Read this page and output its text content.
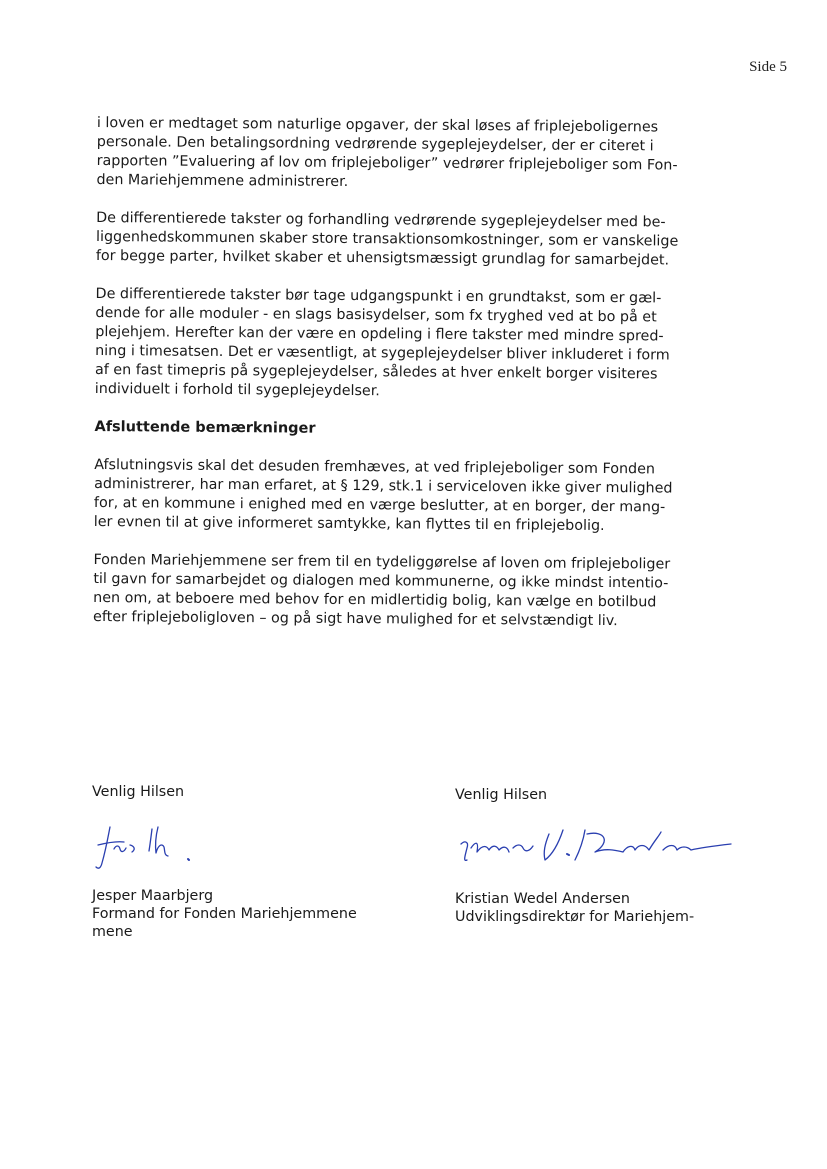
Side 5

i loven er medtaget som naturlige opgaver, der skal løses af friplejeboligernes
personale. Den betalingsordning vedrørende sygeplejeydelser, der er citeret i
rapporten ”Evaluering af lov om friplejeboliger” vedrører friplejeboliger som Fon-
den Mariehjemmene administrerer.

De differentierede takster og forhandling vedrørende sygeplejeydelser med be-
liggenhedskommunen skaber store transaktionsomkostninger, som er vanskelige
for begge parter, hvilket skaber et uhensigtsmæssigt grundlag for samarbejdet.

De differentierede takster bør tage udgangspunkt i en grundtakst, som er gæl-
dende for alle moduler - en slags basisydelser, som fx tryghed ved at bo på et
plejehjem. Herefter kan der være en opdeling i flere takster med mindre spred-
ning i timesatsen. Det er væsentligt, at sygeplejeydelser bliver inkluderet i form
af en fast timepris på sygeplejeydelser, således at hver enkelt borger visiteres
individuelt i forhold til sygeplejeydelser.

Afsluttende bemærkninger

Afslutningsvis skal det desuden fremhæves, at ved friplejeboliger som Fonden
administrerer, har man erfaret, at § 129, stk.1 i serviceloven ikke giver mulighed
for, at en kommune i enighed med en værge beslutter, at en borger, der mang-
ler evnen til at give informeret samtykke, kan flyttes til en friplejebolig.

Fonden Mariehjemmene ser frem til en tydeliggørelse af loven om friplejeboliger
til gavn for samarbejdet og dialogen med kommunerne, og ikke mindst intentio-
nen om, at beboere med behov for en midlertidig bolig, kan vælge en botilbud
efter friplejeboligloven – og på sigt have mulighed for et selvstændigt liv.

Venlig Hilsen
Jesper Maarbjerg
Formand for Fonden Mariehjemmene
mene
Venlig Hilsen
Kristian Wedel Andersen
Udviklingsdirektør for Mariehjem-
